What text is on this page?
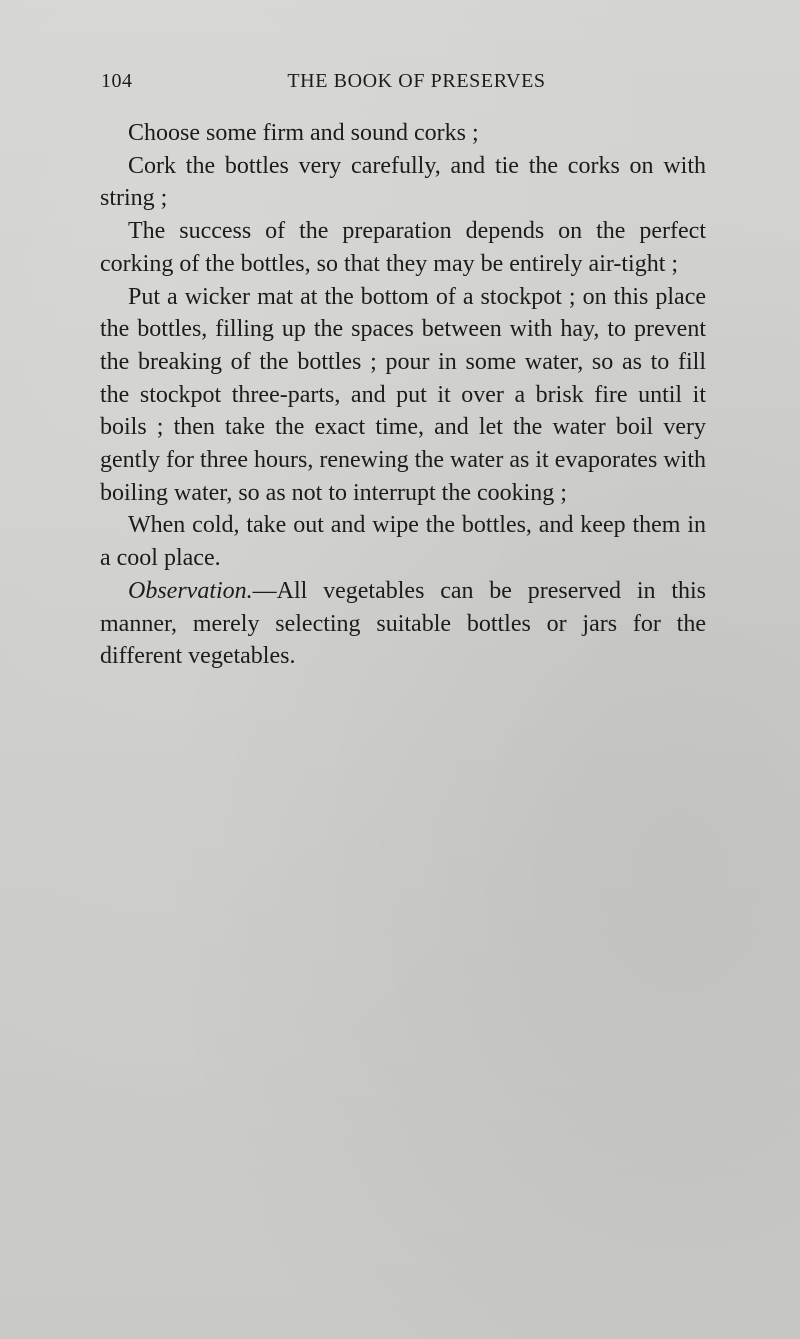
104	THE BOOK OF PRESERVES

Choose some firm and sound corks ;

Cork the bottles very carefully, and tie the corks on with string ;

The success of the preparation depends on the perfect corking of the bottles, so that they may be entirely air-tight ;

Put a wicker mat at the bottom of a stockpot ; on this place the bottles, filling up the spaces between with hay, to prevent the breaking of the bottles ; pour in some water, so as to fill the stockpot three-parts, and put it over a brisk fire until it boils ; then take the exact time, and let the water boil very gently for three hours, renewing the water as it evaporates with boiling water, so as not to interrupt the cooking ;

When cold, take out and wipe the bottles, and keep them in a cool place.

Observation.—All vegetables can be preserved in this manner, merely selecting suitable bottles or jars for the different vegetables.
